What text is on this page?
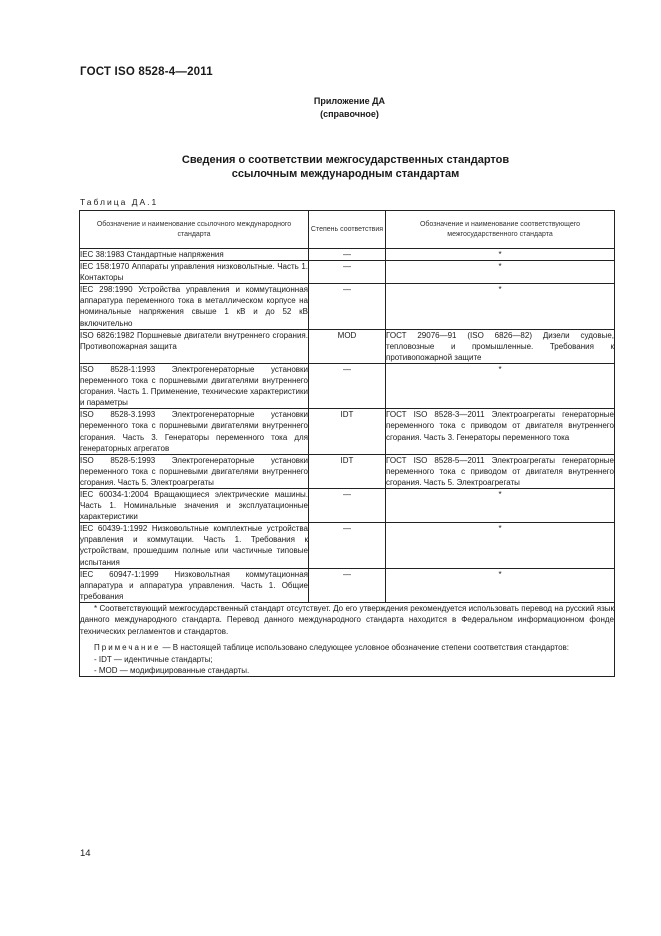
ГОСТ ISO 8528-4—2011
Приложение ДА
(справочное)
Сведения о соответствии межгосударственных стандартов
ссылочным международным стандартам
Таблица ДА.1
Обозначение и наименование ссылочного международного стандарта	Степень соответствия	Обозначение и наименование соответствующего межгосударственного стандарта
IEC 38:1983 Стандартные напряжения	—	*
IEC 158:1970 Аппараты управления низковольтные. Часть 1. Контакторы	—	*
IEC 298:1990 Устройства управления и коммутационная аппаратура переменного тока в металлическом корпусе на номинальные напряжения свыше 1 кВ и до 52 кВ включительно	—	*
ISO 6826:1982 Поршневые двигатели внутреннего сгорания. Противопожарная защита	MOD	ГОСТ 29076—91 (ISO 6826—82) Дизели судовые, тепловозные и промышленные. Требования к противопожарной защите
ISO 8528-1:1993 Электрогенераторные установки переменного тока с поршневыми двигателями внутреннего сгорания. Часть 1. Применение, технические характеристики и параметры	—	*
ISO 8528-3.1993 Электрогенераторные установки переменного тока с поршневыми двигателями внутреннего сгорания. Часть 3. Генераторы переменного тока для генераторных агрегатов	IDT	ГОСТ ISO 8528-3—2011 Электроагрегаты генераторные переменного тока с приводом от двигателя внутреннего сгорания. Часть 3. Генераторы переменного тока
ISO 8528-5:1993 Электрогенераторные установки переменного тока с поршневыми двигателями внутреннего сгорания. Часть 5. Электроагрегаты	IDT	ГОСТ ISO 8528-5—2011 Электроагрегаты генераторные переменного тока с приводом от двигателя внутреннего сгорания. Часть 5. Электроагрегаты
IEC 60034-1:2004 Вращающиеся электрические машины. Часть 1. Номинальные значения и эксплуатационные характеристики	—	*
IEC 60439-1:1992 Низковольтные комплектные устройства управления и коммутации. Часть 1. Требования к устройствам, прошедшим полные или частичные типовые испытания	—	*
IEC 60947-1:1999 Низковольтная коммутационная аппаратура и аппаратура управления. Часть 1. Общие требования	—	*

* Соответствующий межгосударственный стандарт отсутствует. До его утверждения рекомендуется использовать перевод на русский язык данного международного стандарта. Перевод данного международного стандарта находится в Федеральном информационном фонде технических регламентов и стандартов.

Примечание — В настоящей таблице использовано следующее условное обозначение степени соответствия стандартов:

- IDT — идентичные стандарты;

- MOD — модифицированные стандарты.		

14
